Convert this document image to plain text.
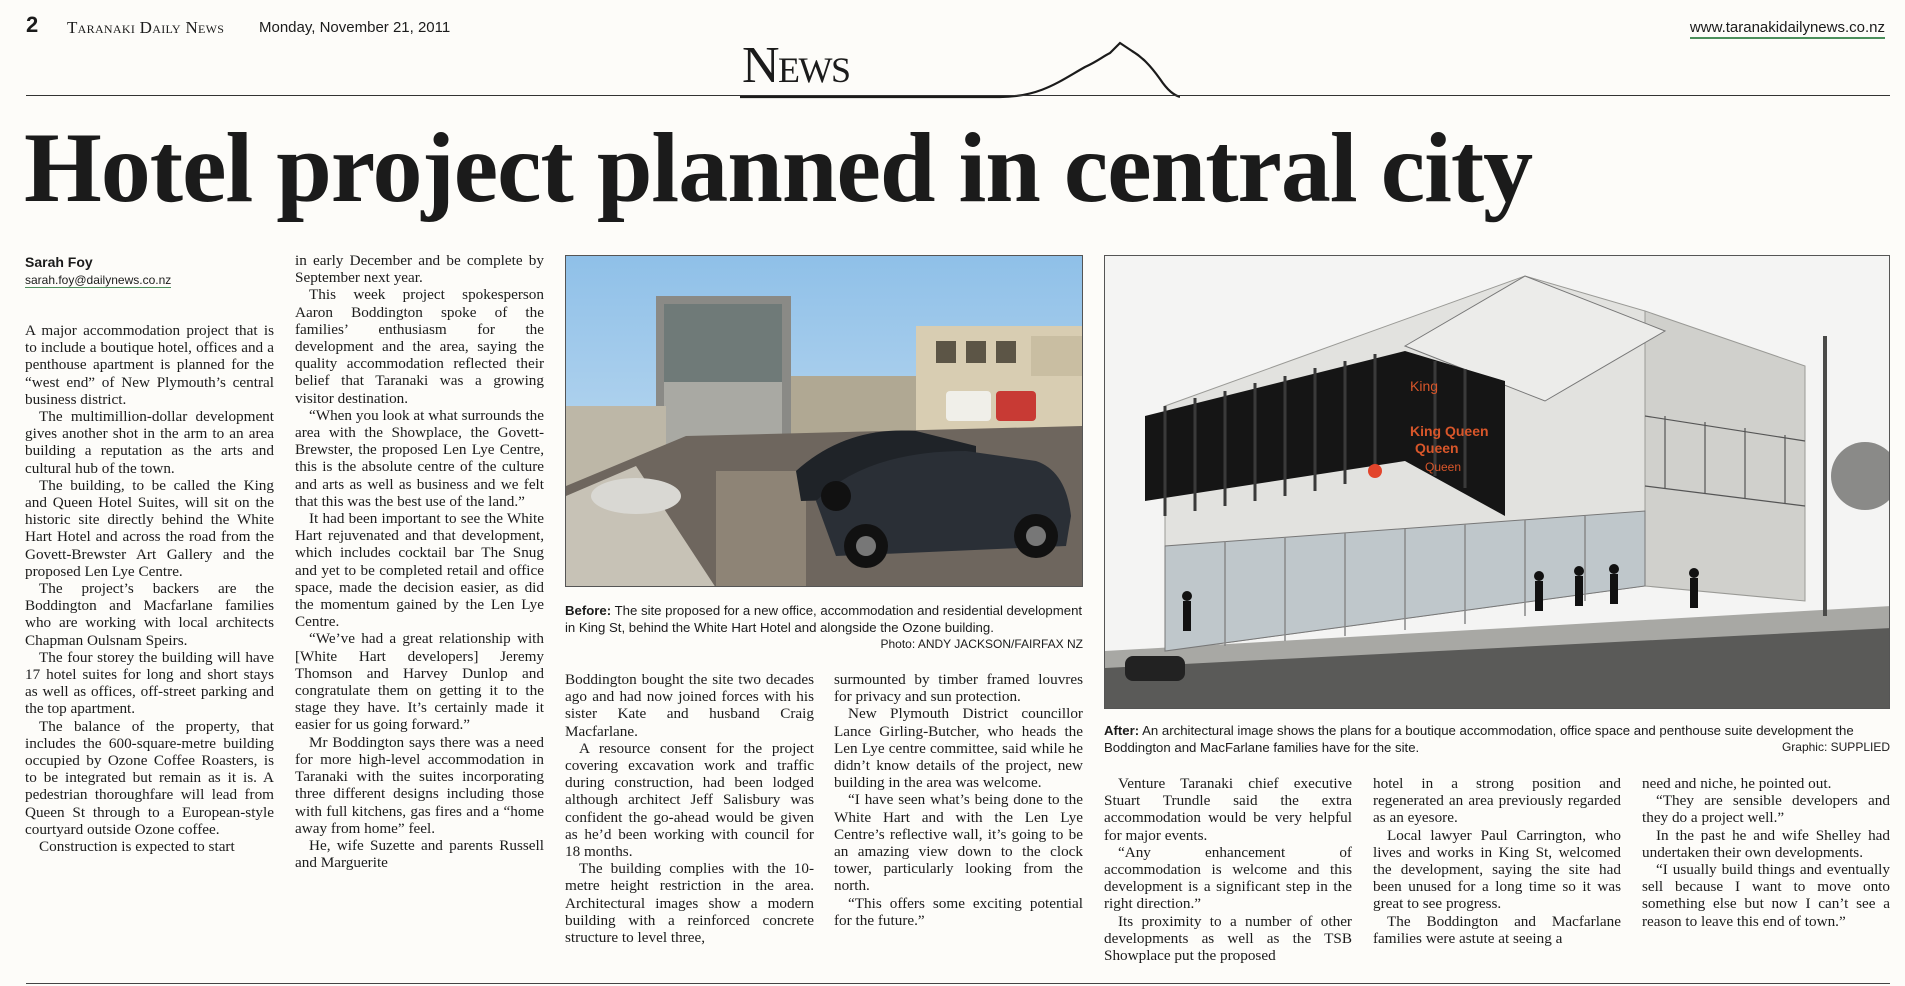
2 Taranaki Daily News Monday, November 21, 2011	www.taranakidailynews.co.nz
News
Hotel project planned in central city
Sarah Foy
sarah.foy@dailynews.co.nz

A major accommodation project that is to include a boutique hotel, offices and a penthouse apartment is planned for the “west end” of New Plymouth’s central business district.

The multimillion-dollar development gives another shot in the arm to an area building a reputation as the arts and cultural hub of the town.

The building, to be called the King and Queen Hotel Suites, will sit on the historic site directly behind the White Hart Hotel and across the road from the Govett-Brewster Art Gallery and the proposed Len Lye Centre.

The project’s backers are the Boddington and Macfarlane families who are working with local architects Chapman Oulsnam Speirs.

The four storey the building will have 17 hotel suites for long and short stays as well as offices, off-street parking and the top apartment.

The balance of the property, that includes the 600-square-metre building occupied by Ozone Coffee Roasters, is to be integrated but remain as it is. A pedestrian thoroughfare will lead from Queen St through to a European-style courtyard outside Ozone coffee.

Construction is expected to start

in early December and be complete by September next year.

This week project spokesperson Aaron Boddington spoke of the families’ enthusiasm for the development and the area, saying the quality accommodation reflected their belief that Taranaki was a growing visitor destination.

“When you look at what surrounds the area with the Showplace, the Govett-Brewster, the proposed Len Lye Centre, this is the absolute centre of the culture and arts as well as business and we felt that this was the best use of the land.”

It had been important to see the White Hart rejuvenated and that development, which includes cocktail bar The Snug and yet to be completed retail and office space, made the decision easier, as did the momentum gained by the Len Lye Centre.

“We’ve had a great relationship with [White Hart developers] Jeremy Thomson and Harvey Dunlop and congratulate them on getting it to the stage they have. It’s certainly made it easier for us going forward.”

Mr Boddington says there was a need for more high-level accommodation in Taranaki with the suites incorporating three different designs including those with full kitchens, gas fires and a “home away from home” feel.

He, wife Suzette and parents Russell and Marguerite

Before: The site proposed for a new office, accommodation and residential development in King St, behind the White Hart Hotel and alongside the Ozone building.
Photo: ANDY JACKSON/FAIRFAX NZ

Boddington bought the site two decades ago and had now joined forces with his sister Kate and husband Craig Macfarlane.

A resource consent for the project covering excavation work and traffic during construction, had been lodged although architect Jeff Salisbury was confident the go-ahead would be given as he’d been working with council for 18 months.

The building complies with the 10-metre height restriction in the area. Architectural images show a modern building with a reinforced concrete structure to level three,

surmounted by timber framed louvres for privacy and sun protection.

New Plymouth District councillor Lance Girling-Butcher, who heads the Len Lye centre committee, said while he didn’t know details of the project, new building in the area was welcome.

“I have seen what’s being done to the White Hart and with the Len Lye Centre’s reflective wall, it’s going to be an amazing view down to the clock tower, particularly looking from the north.

“This offers some exciting potential for the future.”

King
King Queen
Queen
Queen
After: An architectural image shows the plans for a boutique accommodation, office space and penthouse suite development the Boddington and MacFarlane families have for the site.	Graphic: SUPPLIED

Venture Taranaki chief executive Stuart Trundle said the extra accommodation would be very helpful for major events.

“Any enhancement of accommodation is welcome and this development is a significant step in the right direction.”

Its proximity to a number of other developments as well as the TSB Showplace put the proposed

hotel in a strong position and regenerated an area previously regarded as an eyesore.

Local lawyer Paul Carrington, who lives and works in King St, welcomed the development, saying the site had been unused for a long time so it was great to see progress.

The Boddington and Macfarlane families were astute at seeing a

need and niche, he pointed out.

“They are sensible developers and they do a project well.”

In the past he and wife Shelley had undertaken their own developments.

“I usually build things and eventually sell because I want to move onto something else but now I can’t see a reason to leave this end of town.”
